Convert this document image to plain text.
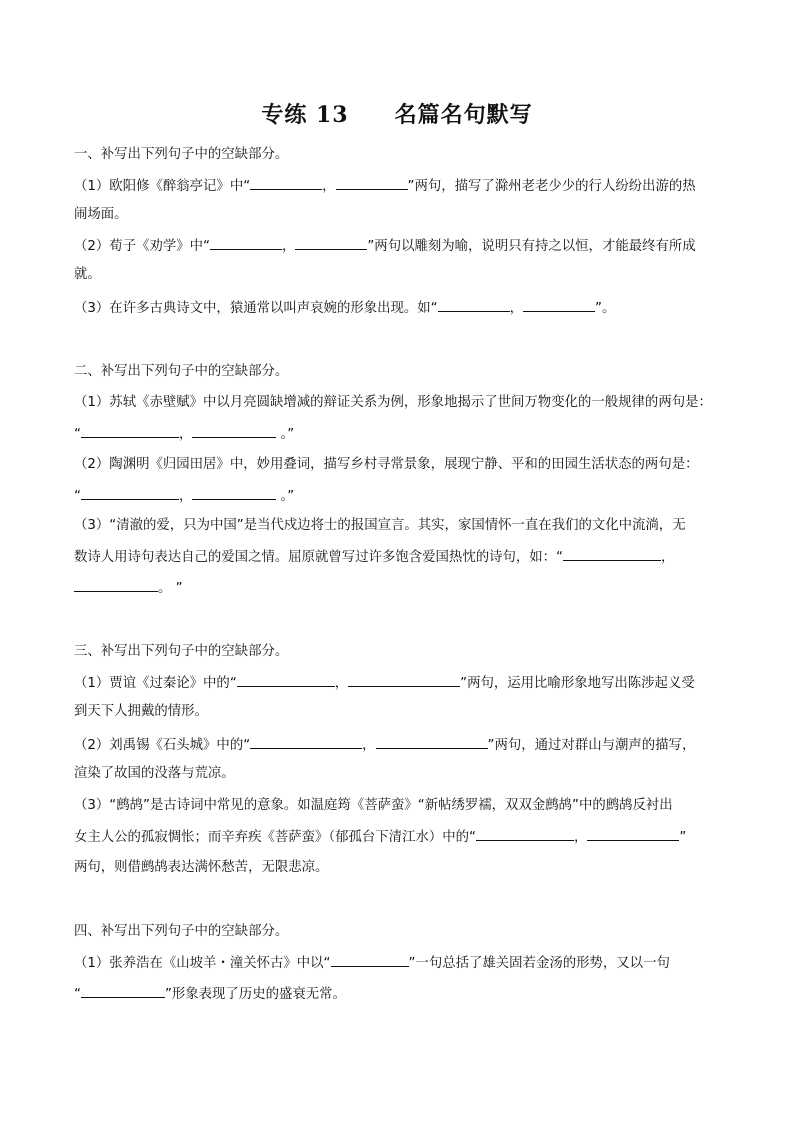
专练 13 名篇名句默写
一、补写出下列句子中的空缺部分。
（1）欧阳修《醉翁亭记》中“	，	”两句，描写了滁州老老少少的行人纷纷出游的热
闹场面。
（2）荀子《劝学》中“	，	”两句以雕刻为喻，说明只有持之以恒，才能最终有所成
就。
（3）在许多古典诗文中，猿通常以叫声哀婉的形象出现。如“	，	”。
二、补写出下列句子中的空缺部分。
（1）苏轼《赤壁赋》中以月亮圆缺增减的辩证关系为例，形象地揭示了世间万物变化的一般规律的两句是：
“	，	。”
（2）陶渊明《归园田居》中，妙用叠词，描写乡村寻常景象，展现宁静、平和的田园生活状态的两句是：
“	，	。”
（3）“清澈的爱，只为中国”是当代戍边将士的报国宣言。其实，家国情怀一直在我们的文化中流淌，无
数诗人用诗句表达自己的爱国之情。屈原就曾写过许多饱含爱国热忱的诗句，如：“	，
。 ”
三、补写出下列句子中的空缺部分。
（1）贾谊《过秦论》中的“	，	”两句，运用比喻形象地写出陈涉起义受
到天下人拥戴的情形。
（2）刘禹锡《石头城》中的“	，	”两句，通过对群山与潮声的描写，
渲染了故国的没落与荒凉。
（3）“鹧鸪”是古诗词中常见的意象。如温庭筠《菩萨蛮》“新帖绣罗襦，双双金鹧鸪”中的鹧鸪反衬出
女主人公的孤寂惆怅；而辛弃疾《菩萨蛮》（郁孤台下清江水）中的“	，	”
两句，则借鹧鸪表达满怀愁苦，无限悲凉。
四、补写出下列句子中的空缺部分。
（1）张养浩在《山坡羊・潼关怀古》中以“	”一句总括了雄关固若金汤的形势，又以一句
“	”形象表现了历史的盛衰无常。
